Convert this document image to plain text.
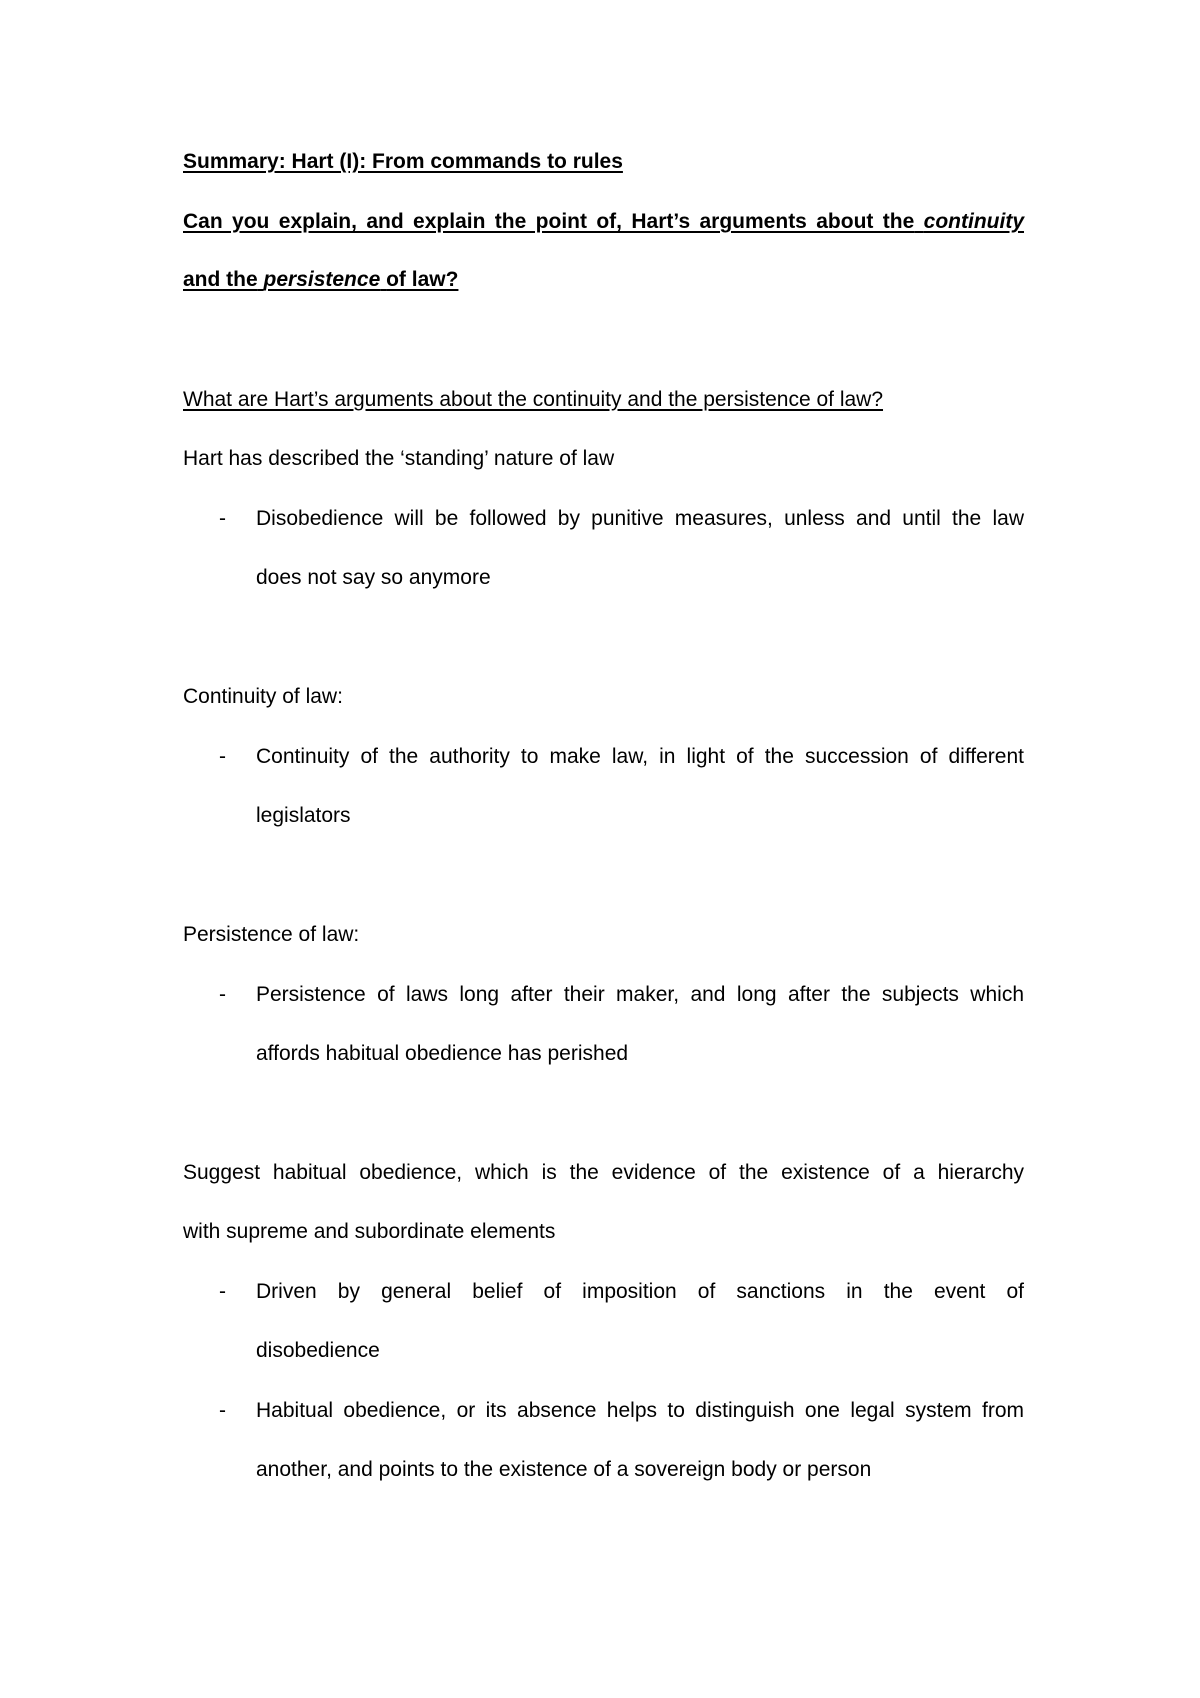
Summary: Hart (I): From commands to rules
Can you explain, and explain the point of, Hart’s arguments about the continuity
and the persistence of law?
What are Hart’s arguments about the continuity and the persistence of law?
Hart has described the ‘standing’ nature of law
- Disobedience will be followed by punitive measures, unless and until the law
does not say so anymore
Continuity of law:
- Continuity of the authority to make law, in light of the succession of different
legislators
Persistence of law:
- Persistence of laws long after their maker, and long after the subjects which
affords habitual obedience has perished
Suggest habitual obedience, which is the evidence of the existence of a hierarchy
with supreme and subordinate elements
- Driven by general belief of imposition of sanctions in the event of
disobedience
- Habitual obedience, or its absence helps to distinguish one legal system from
another, and points to the existence of a sovereign body or person
